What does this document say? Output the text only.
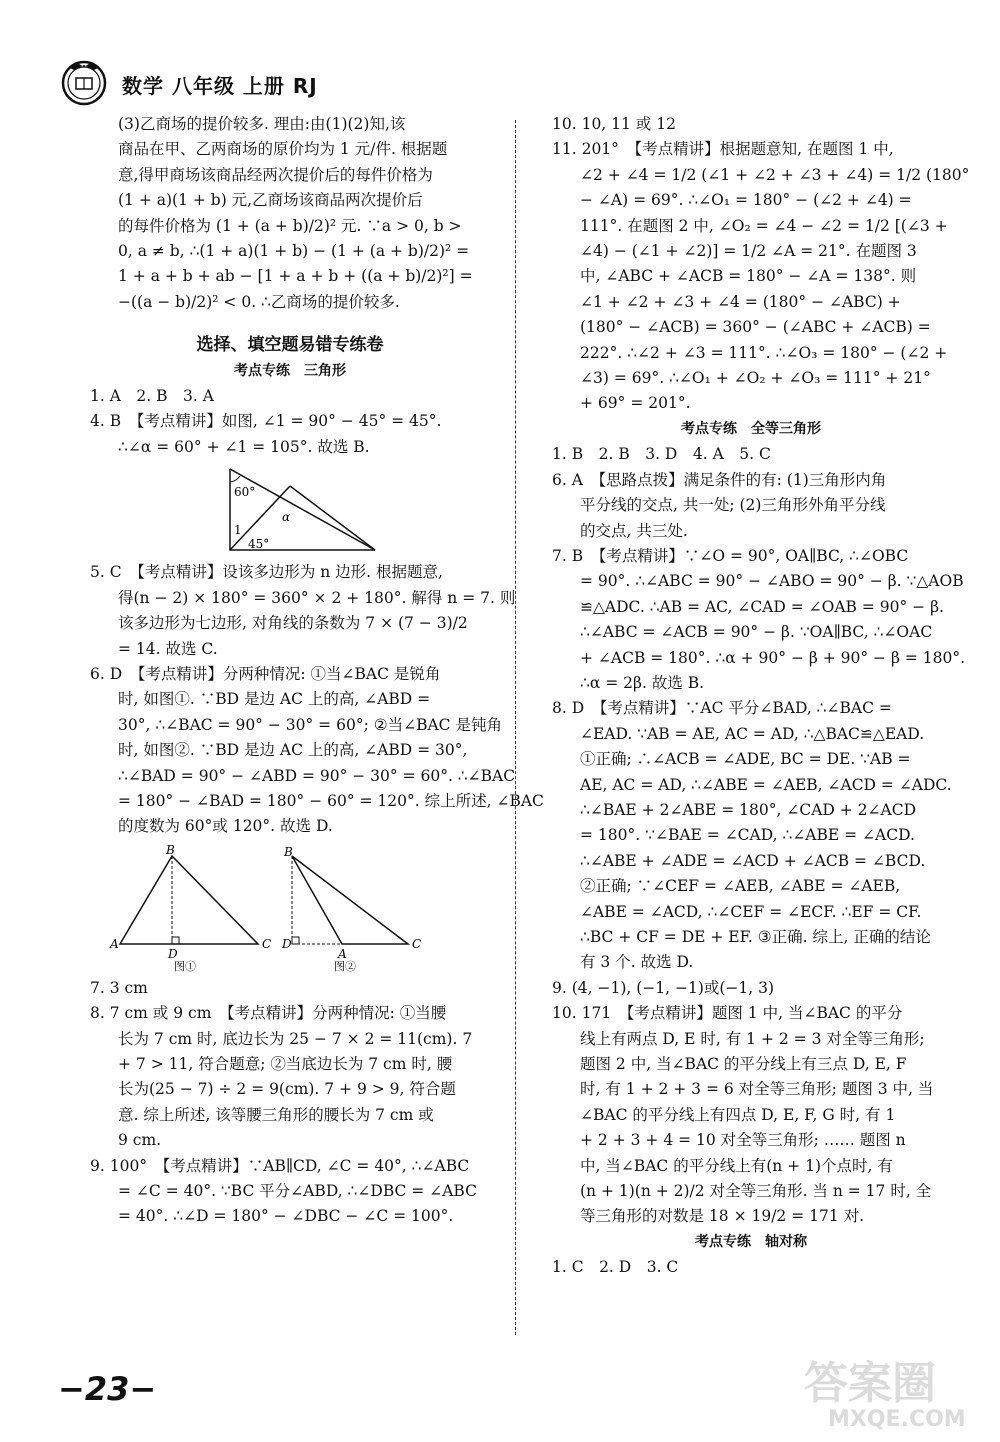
数学 八年级 上册 RJ
(3)乙商场的提价较多. 理由:由(1)(2)知,该
商品在甲、乙两商场的原价均为 1 元/件. 根据题
意,得甲商场该商品经两次提价后的每件价格为
(1 + a)(1 + b) 元,乙商场该商品两次提价后
的每件价格为 (1 + (a + b)/2)² 元. ∵a > 0, b >
0, a ≠ b, ∴(1 + a)(1 + b) − (1 + (a + b)/2)² =
1 + a + b + ab − [1 + a + b + ((a + b)/2)²] =
−((a − b)/2)² < 0. ∴乙商场的提价较多.
选择、填空题易错专练卷
考点专练　三角形
1. A　2. B　3. A
4. B　【考点精讲】如图, ∠1 = 90° − 45° = 45°.
∴∠α = 60° + ∠1 = 105°. 故选 B.
60°
α
1
45°
5. C　【考点精讲】设该多边形为 n 边形. 根据题意,
得(n − 2) × 180° = 360° × 2 + 180°. 解得 n = 7. 则
该多边形为七边形, 对角线的条数为 7 × (7 − 3)/2
= 14. 故选 C.
6. D　【考点精讲】分两种情况: ①当∠BAC 是锐角
时, 如图①. ∵BD 是边 AC 上的高, ∠ABD =
30°, ∴∠BAC = 90° − 30° = 60°; ②当∠BAC 是钝角
时, 如图②. ∵BD 是边 AC 上的高, ∠ABD = 30°,
∴∠BAD = 90° − ∠ABD = 90° − 30° = 60°. ∴∠BAC
= 180° − ∠BAD = 180° − 60° = 120°. 综上所述, ∠BAC
的度数为 60°或 120°. 故选 D.
B
A
D
C
图①
B
D
A
C
图②
7. 3 cm
8. 7 cm 或 9 cm　【考点精讲】分两种情况: ①当腰
长为 7 cm 时, 底边长为 25 − 7 × 2 = 11(cm). 7
+ 7 > 11, 符合题意; ②当底边长为 7 cm 时, 腰
长为(25 − 7) ÷ 2 = 9(cm). 7 + 9 > 9, 符合题
意. 综上所述, 该等腰三角形的腰长为 7 cm 或
9 cm.
9. 100°　【考点精讲】∵AB∥CD, ∠C = 40°, ∴∠ABC
= ∠C = 40°. ∵BC 平分∠ABD, ∴∠DBC = ∠ABC
= 40°. ∴∠D = 180° − ∠DBC − ∠C = 100°.
10. 10, 11 或 12
11. 201°　【考点精讲】根据题意知, 在题图 1 中,
∠2 + ∠4 = 1/2 (∠1 + ∠2 + ∠3 + ∠4) = 1/2 (180°
− ∠A) = 69°. ∴∠O₁ = 180° − (∠2 + ∠4) =
111°. 在题图 2 中, ∠O₂ = ∠4 − ∠2 = 1/2 [(∠3 +
∠4) − (∠1 + ∠2)] = 1/2 ∠A = 21°. 在题图 3
中, ∠ABC + ∠ACB = 180° − ∠A = 138°. 则
∠1 + ∠2 + ∠3 + ∠4 = (180° − ∠ABC) +
(180° − ∠ACB) = 360° − (∠ABC + ∠ACB) =
222°. ∴∠2 + ∠3 = 111°. ∴∠O₃ = 180° − (∠2 +
∠3) = 69°. ∴∠O₁ + ∠O₂ + ∠O₃ = 111° + 21°
+ 69° = 201°.
考点专练　全等三角形
1. B　2. B　3. D　4. A　5. C
6. A　【思路点拨】满足条件的有: (1)三角形内角
平分线的交点, 共一处; (2)三角形外角平分线
的交点, 共三处.
7. B　【考点精讲】∵∠O = 90°, OA∥BC, ∴∠OBC
= 90°. ∴∠ABC = 90° − ∠ABO = 90° − β. ∵△AOB
≌△ADC. ∴AB = AC, ∠CAD = ∠OAB = 90° − β.
∴∠ABC = ∠ACB = 90° − β. ∵OA∥BC, ∴∠OAC
+ ∠ACB = 180°. ∴α + 90° − β + 90° − β = 180°.
∴α = 2β. 故选 B.
8. D　【考点精讲】∵AC 平分∠BAD, ∴∠BAC =
∠EAD. ∵AB = AE, AC = AD, ∴△BAC≌△EAD.
①正确; ∴∠ACB = ∠ADE, BC = DE. ∵AB =
AE, AC = AD, ∴∠ABE = ∠AEB, ∠ACD = ∠ADC.
∴∠BAE + 2∠ABE = 180°, ∠CAD + 2∠ACD
= 180°. ∵∠BAE = ∠CAD, ∴∠ABE = ∠ACD.
∴∠ABE + ∠ADE = ∠ACD + ∠ACB = ∠BCD.
②正确; ∵∠CEF = ∠AEB, ∠ABE = ∠AEB,
∠ABE = ∠ACD, ∴∠CEF = ∠ECF. ∴EF = CF.
∴BC + CF = DE + EF. ③正确. 综上, 正确的结论
有 3 个. 故选 D.
9. (4, −1), (−1, −1)或(−1, 3)
10. 171　【考点精讲】题图 1 中, 当∠BAC 的平分
线上有两点 D, E 时, 有 1 + 2 = 3 对全等三角形;
题图 2 中, 当∠BAC 的平分线上有三点 D, E, F
时, 有 1 + 2 + 3 = 6 对全等三角形; 题图 3 中, 当
∠BAC 的平分线上有四点 D, E, F, G 时, 有 1
+ 2 + 3 + 4 = 10 对全等三角形; …… 题图 n
中, 当∠BAC 的平分线上有(n + 1)个点时, 有
(n + 1)(n + 2)/2 对全等三角形. 当 n = 17 时, 全
等三角形的对数是 18 × 19/2 = 171 对.
考点专练　轴对称
1. C　2. D　3. C
−23−	答案圈
MXQE.COM
